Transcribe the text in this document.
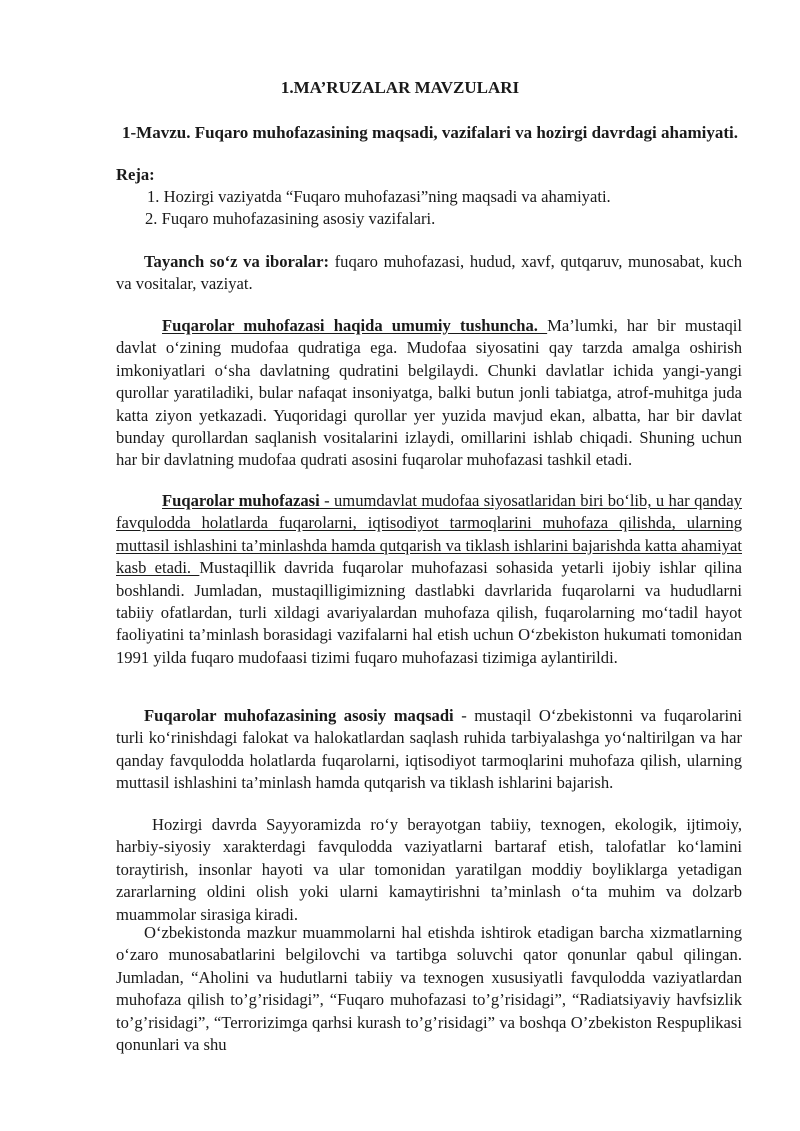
1.MA’RUZALAR MAVZULARI

1-Mavzu. Fuqaro muhofazasining maqsadi, vazifalari va hozirgi davrdagi ahamiyati.

Reja:

1. Hozirgi vaziyatda “Fuqaro muhofazasi”ning maqsadi va ahamiyati.

2. Fuqaro muhofazasining asosiy vazifalari.

Tayanch so‘z va iboralar: fuqaro muhofazasi, hudud, xavf, qutqaruv, munosabat, kuch va vositalar, vaziyat.

Fuqarolar muhofazasi haqida umumiy tushuncha. Ma’lumki, har bir mustaqil davlat o‘zining mudofaa qudratiga ega. Mudofaa siyosatini qay tarzda amalga oshirish imkoniyatlari o‘sha davlatning qudratini belgilaydi. Chunki davlatlar ichida yangi-yangi qurollar yaratiladiki, bular nafaqat insoniyatga, balki butun jonli tabiatga, atrof-muhitga juda katta ziyon yetkazadi. Yuqoridagi qurollar yer yuzida mavjud ekan, albatta, har bir davlat bunday qurollardan saqlanish vositalarini izlaydi, omillarini ishlab chiqadi. Shuning uchun har bir davlatning mudofaa qudrati asosini fuqarolar muhofazasi tashkil etadi.

Fuqarolar muhofazasi - umumdavlat mudofaa siyosatlaridan biri bo‘lib, u har qanday favqulodda holatlarda fuqarolarni, iqtisodiyot tarmoqlarini muhofaza qilishda, ularning muttasil ishlashini ta’minlashda hamda qutqarish va tiklash ishlarini bajarishda katta ahamiyat kasb etadi. Mustaqillik davrida fuqarolar muhofazasi sohasida yetarli ijobiy ishlar qilina boshlandi. Jumladan, mustaqilligimizning dastlabki davrlarida fuqarolarni va hududlarni tabiiy ofatlardan, turli xildagi avariyalardan muhofaza qilish, fuqarolarning mo‘tadil hayot faoliyatini ta’minlash borasidagi vazifalarni hal etish uchun O‘zbekiston hukumati tomonidan 1991 yilda fuqaro mudofaasi tizimi fuqaro muhofazasi tizimiga aylantirildi.

Fuqarolar muhofazasining asosiy maqsadi - mustaqil O‘zbekistonni va fuqarolarini turli ko‘rinishdagi falokat va halokatlardan saqlash ruhida tarbiyalashga yo‘naltirilgan va har qanday favqulodda holatlarda fuqarolarni, iqtisodiyot tarmoqlarini muhofaza qilish, ularning muttasil ishlashini ta’minlash hamda qutqarish va tiklash ishlarini bajarish.

Hozirgi davrda Sayyoramizda ro‘y berayotgan tabiiy, texnogen, ekologik, ijtimoiy, harbiy-siyosiy xarakterdagi favqulodda vaziyatlarni bartaraf etish, talofatlar ko‘lamini toraytirish, insonlar hayoti va ular tomonidan yaratilgan moddiy boyliklarga yetadigan zararlarning oldini olish yoki ularni kamaytirishni ta’minlash o‘ta muhim va dolzarb muammolar sirasiga kiradi.

O‘zbekistonda mazkur muammolarni hal etishda ishtirok etadigan barcha xizmatlarning o‘zaro munosabatlarini belgilovchi va tartibga soluvchi qator qonunlar qabul qilingan. Jumladan, “Aholini va hudutlarni tabiiy va texnogen xususiyatli favqulodda vaziyatlardan muhofaza qilish to’g’risidagi”, “Fuqaro muhofazasi to’g’risidagi”, “Radiatsiyaviy havfsizlik to’g’risidagi”, “Terrorizimga qarhsi kurash to’g’risidagi” va boshqa O’zbekiston Respuplikasi qonunlari va shu
